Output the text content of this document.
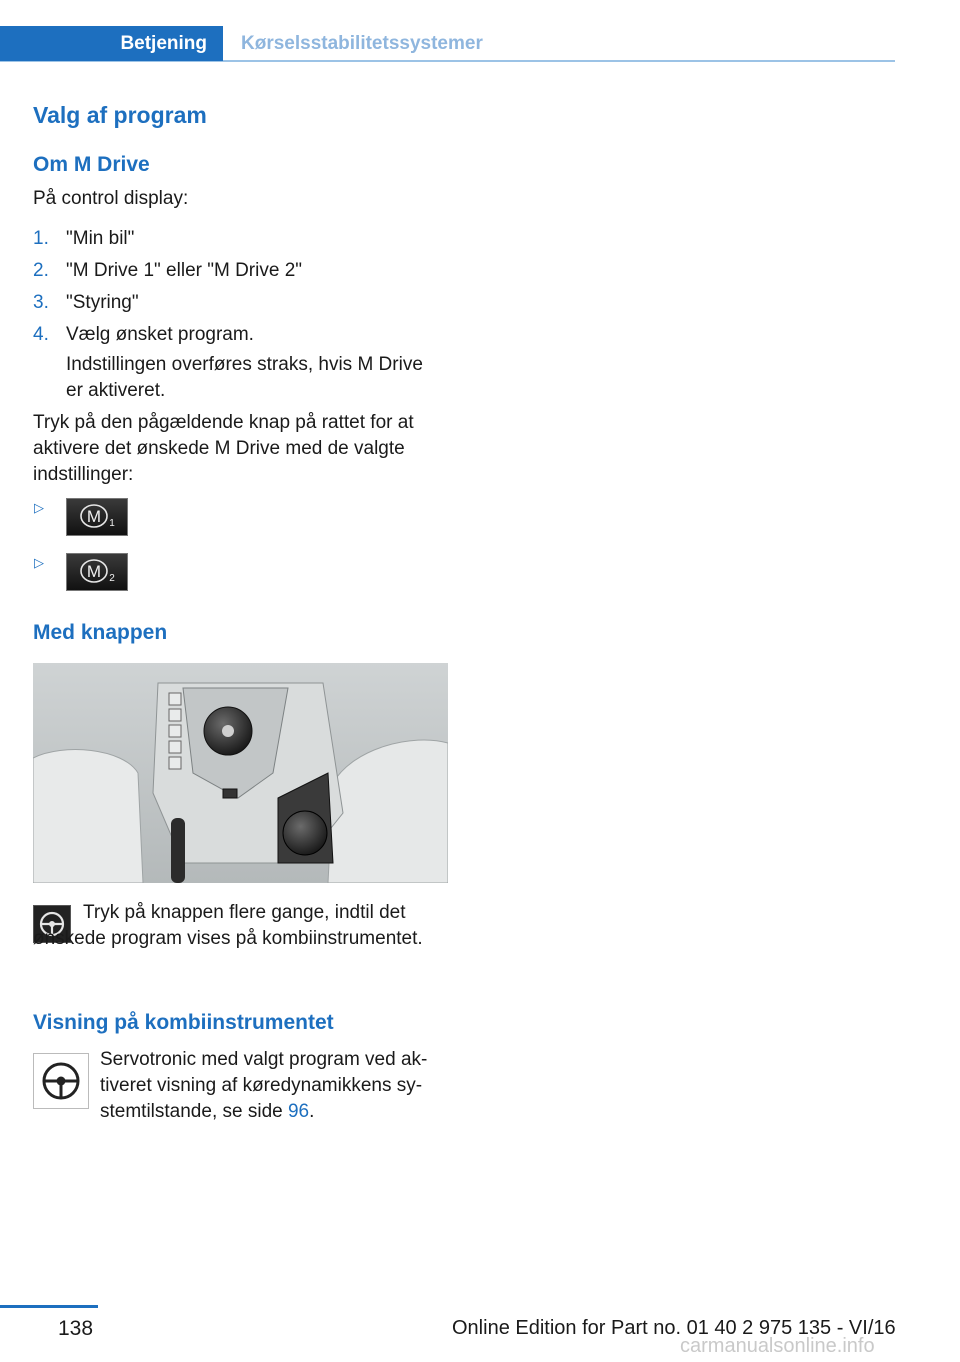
Betjening Kørselsstabilitetssystemer
Valg af program
Om M Drive
På control display:
1. "Min bil"
2. "M Drive 1" eller "M Drive 2"
3. "Styring"
4. Vælg ønsket program.
Indstillingen overføres straks, hvis M Drive er aktiveret.
Tryk på den pågældende knap på rattet for at aktivere det ønskede M Drive med de valgte indstillinger:
▷	M 1
▷	M 2
Med knappen
Tryk på knappen flere gange, indtil det ønskede program vises på kombiinstrumentet.
Visning på kombiinstrumentet
Servotronic med valgt program ved aktiveret visning af køredynamikkens systemtilstande, se side 96.
138	Online Edition for Part no. 01 40 2 975 135 - VI/16
carmanualsonline.info
